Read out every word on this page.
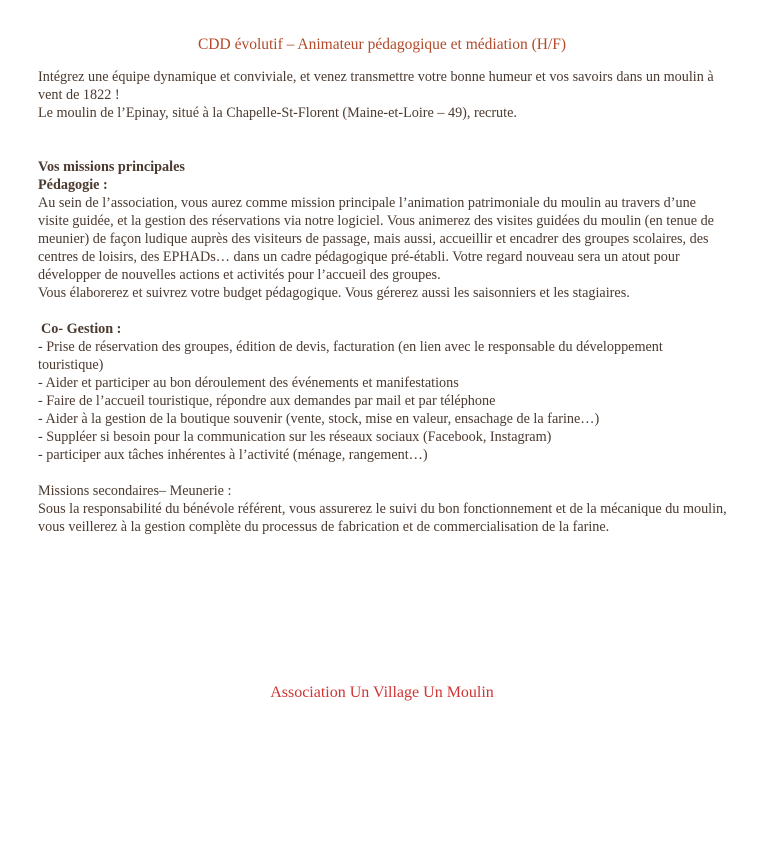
CDD évolutif – Animateur pédagogique et médiation (H/F)

Intégrez une équipe dynamique et conviviale, et venez transmettre votre bonne humeur et vos savoirs dans un moulin à vent de 1822 !

Le moulin de l’Epinay, situé à la Chapelle-St-Florent (Maine-et-Loire – 49), recrute.

Vos missions principales

Pédagogie :

Au sein de l’association, vous aurez comme mission principale l’animation patrimoniale du moulin au travers d’une visite guidée, et la gestion des réservations via notre logiciel. Vous animerez des visites guidées du moulin (en tenue de meunier) de façon ludique auprès des visiteurs de passage, mais aussi, accueillir et encadrer des groupes scolaires, des centres de loisirs, des EPHADs… dans un cadre pédagogique pré-établi. Votre regard nouveau sera un atout pour développer de nouvelles actions et activités pour l’accueil des groupes.

Vous élaborerez et suivrez votre budget pédagogique. Vous gérerez aussi les saisonniers et les stagiaires.

Co- Gestion :

- Prise de réservation des groupes, édition de devis, facturation (en lien avec le responsable du développement touristique)

- Aider et participer au bon déroulement des événements et manifestations

- Faire de l’accueil touristique, répondre aux demandes par mail et par téléphone

- Aider à la gestion de la boutique souvenir (vente, stock, mise en valeur, ensachage de la farine…)

- Suppléer si besoin pour la communication sur les réseaux sociaux (Facebook, Instagram)

- participer aux tâches inhérentes à l’activité (ménage, rangement…)

Missions secondaires– Meunerie :

Sous la responsabilité du bénévole référent, vous assurerez le suivi du bon fonctionnement et de la mécanique du moulin, vous veillerez à la gestion complète du processus de fabrication et de commercialisation de la farine.

Association Un Village Un Moulin
